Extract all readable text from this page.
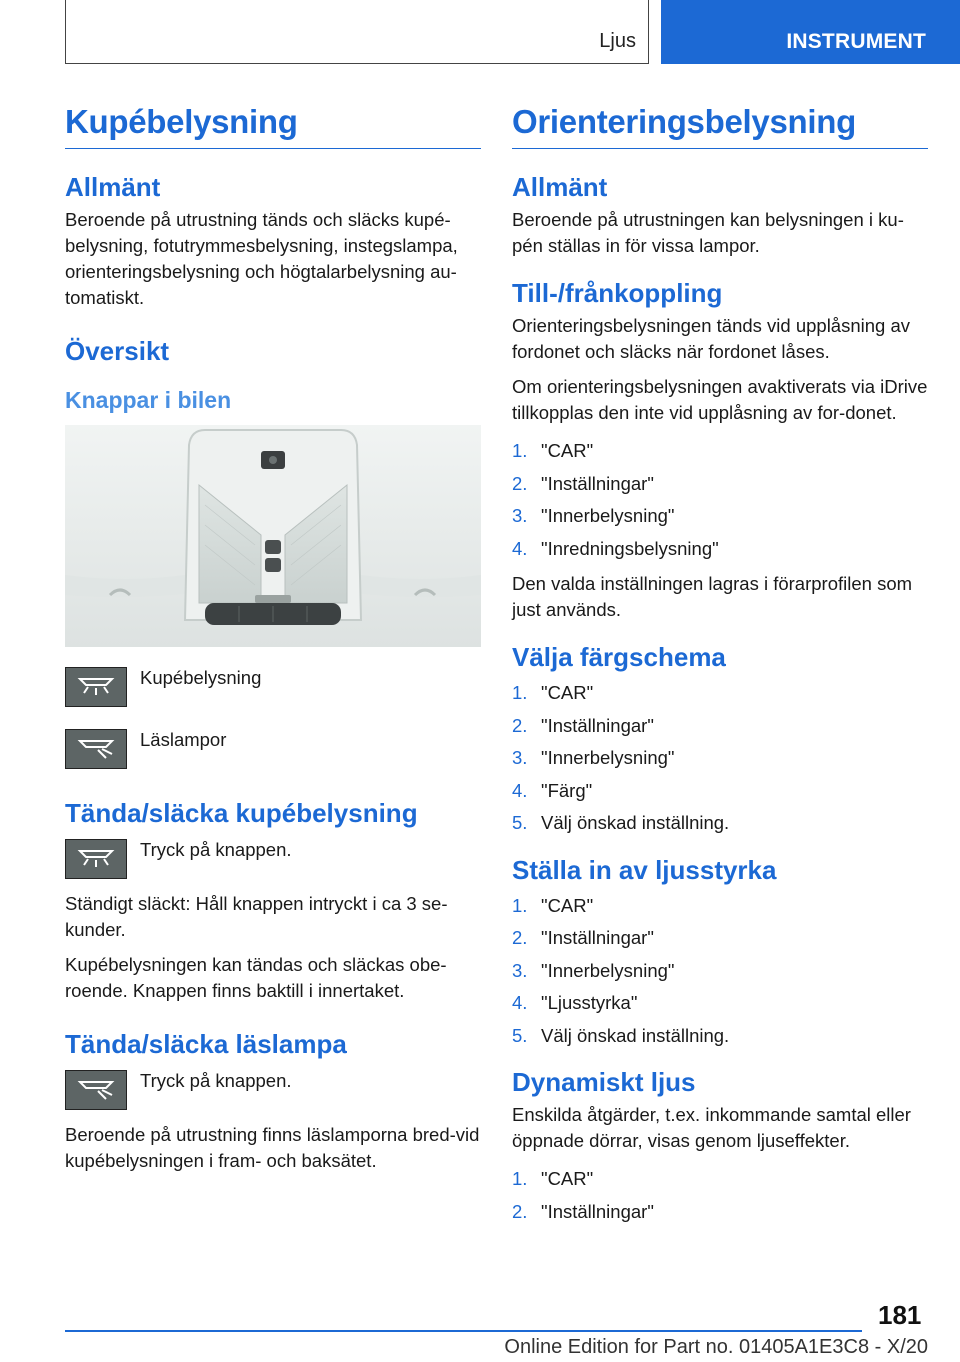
Ljus	INSTRUMENT
Kupébelysning
Allmänt

Beroende på utrustning tänds och släcks kupé-belysning, fotutrymmesbelysning, instegslampa, orienteringsbelysning och högtalarbelysning au-tomatiskt.

Översikt
Knappar i bilen
Kupébelysning
Läslampor
Tända/släcka kupébelysning
Tryck på knappen.

Ständigt släckt: Håll knappen intryckt i ca 3 se-kunder.

Kupébelysningen kan tändas och släckas obe-roende. Knappen finns baktill i innertaket.

Tända/släcka läslampa
Tryck på knappen.

Beroende på utrustning finns läslamporna bred-vid kupébelysningen i fram- och baksätet.

Orienteringsbelysning
Allmänt

Beroende på utrustningen kan belysningen i ku-pén ställas in för vissa lampor.

Till-/frånkoppling

Orienteringsbelysningen tänds vid upplåsning av fordonet och släcks när fordonet låses.

Om orienteringsbelysningen avaktiverats via iDrive tillkopplas den inte vid upplåsning av for-donet.

1. "CAR"
2. "Inställningar"
3. "Innerbelysning"
4. "Inredningsbelysning"

Den valda inställningen lagras i förarprofilen som just används.

Välja färgschema
1. "CAR"
2. "Inställningar"
3. "Innerbelysning"
4. "Färg"
5. Välj önskad inställning.
Ställa in av ljusstyrka
1. "CAR"
2. "Inställningar"
3. "Innerbelysning"
4. "Ljusstyrka"
5. Välj önskad inställning.
Dynamiskt ljus

Enskilda åtgärder, t.ex. inkommande samtal eller öppnade dörrar, visas genom ljuseffekter.

1. "CAR"
2. "Inställningar"
181
Online Edition for Part no. 01405A1E3C8 - X/20
